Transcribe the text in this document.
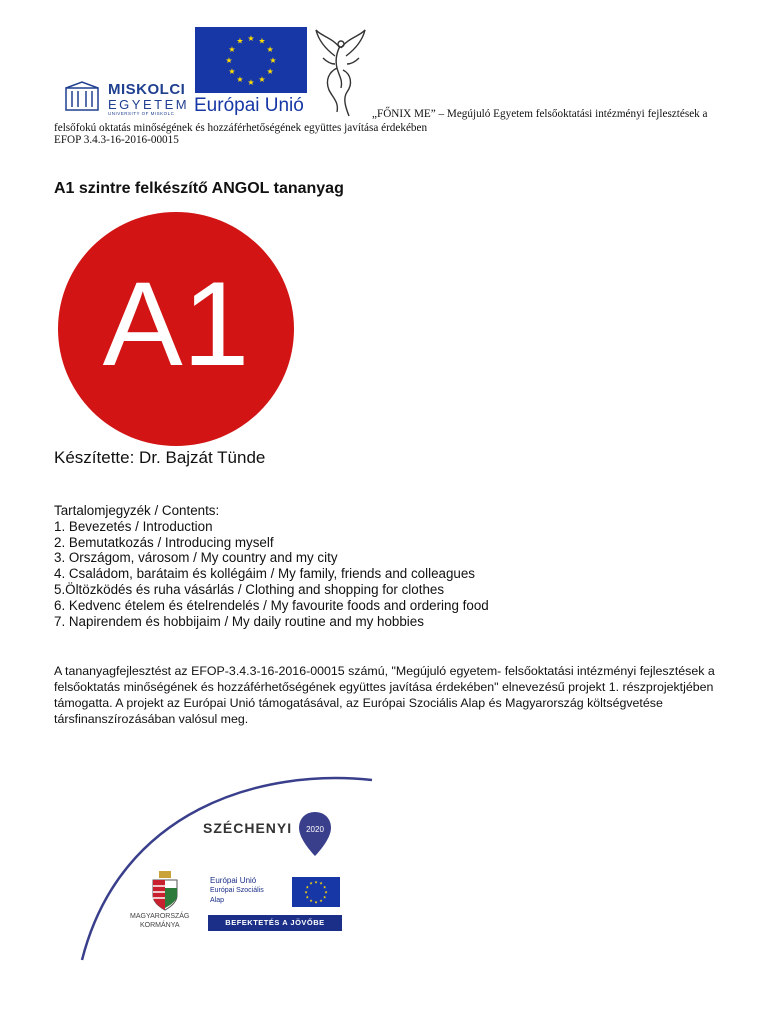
MISKOLCI
EGYETEM
UNIVERSITY OF MISKOLC
★
★
★
★
★
★
★
★
★ ★ ★
★
Európai Unió	„FŐNIX ME” – Megújuló Egyetem felsőoktatási intézményi fejlesztések a
felsőfokú oktatás minőségének és hozzáférhetőségének együttes javítása érdekében
EFOP 3.4.3-16-2016-00015
A1 szintre felkészítő ANGOL tananyag
A1
Készítette: Dr. Bajzát Tünde
Tartalomjegyzék / Contents:
1. Bevezetés / Introduction
2. Bemutatkozás / Introducing myself
3. Országom, városom / My country and my city
4. Családom, barátaim és kollégáim / My family, friends and colleagues
5.Öltözködés és ruha vásárlás / Clothing and shopping for clothes
6. Kedvenc ételem és ételrendelés / My favourite foods and ordering food
7. Napirendem és hobbijaim / My daily routine and my hobbies
A tananyagfejlesztést az EFOP-3.4.3-16-2016-00015 számú, "Megújuló egyetem- felsőoktatási intézményi fejlesztések a
felsőoktatás minőségének és hozzáférhetőségének együttes javítása érdekében" elnevezésű projekt 1. részprojektjében
támogatta. A projekt az Európai Unió támogatásával, az Európai Szociális Alap és Magyarország költségvetése
társfinanszírozásában valósul meg.
SZÉCHENYI 2020
MAGYARORSZÁG
KORMÁNYA
Európai Unió
Európai Szociális
Alap
★
★
★
★
★
★
★
★
★ ★ ★
★
BEFEKTETÉS A JÖVŐBE
